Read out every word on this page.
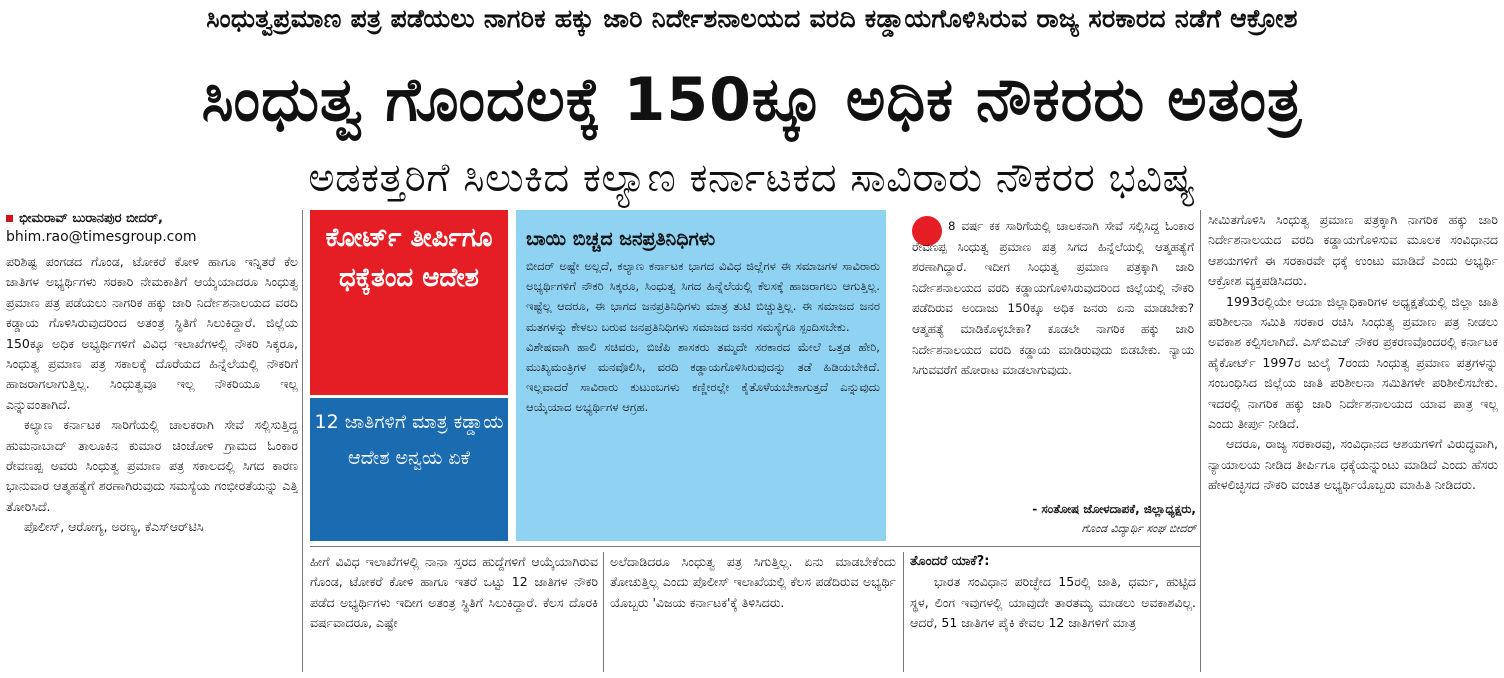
ಸಿಂಧುತ್ವಪ್ರಮಾಣ ಪತ್ರ ಪಡೆಯಲು ನಾಗರಿಕ ಹಕ್ಕು ಜಾರಿ ನಿರ್ದೇಶನಾಲಯದ ವರದಿ ಕಡ್ಡಾಯಗೊಳಿಸಿರುವ ರಾಜ್ಯ ಸರಕಾರದ ನಡೆಗೆ ಆಕ್ರೋಶ
ಸಿಂಧುತ್ವ ಗೊಂದಲಕ್ಕೆ 150ಕ್ಕೂ ಅಧಿಕ ನೌಕರರು ಅತಂತ್ರ
ಅಡಕತ್ತರಿಗೆ ಸಿಲುಕಿದ ಕಲ್ಯಾಣ ಕರ್ನಾಟಕದ ಸಾವಿರಾರು ನೌಕರರ ಭವಿಷ್ಯ
ಭೀಮರಾವ್ ಬುರಾನಪುರ ಬೀದರ್,
bhim.rao@timesgroup.com

ಪರಿಶಿಷ್ಟ ಪಂಗಡದ ಗೊಂಡ, ಟೋಕರೆ ಕೋಳಿ ಹಾಗೂ ಇನ್ನಿತರೆ ಕೆಲ ಜಾತಿಗಳ ಅಭ್ಯರ್ಥಿಗಳು ಸರಕಾರಿ ನೇಮಕಾತಿಗೆ ಆಯ್ಕೆಯಾದರೂ ಸಿಂಧುತ್ವ ಪ್ರಮಾಣ ಪತ್ರ ಪಡೆಯಲು ನಾಗರಿಕ ಹಕ್ಕು ಜಾರಿ ನಿರ್ದೇಶನಾಲಯದ ವರದಿ ಕಡ್ಡಾಯ ಗೊಳಿಸಿರುವುದರಿಂದ ಅತಂತ್ರ ಸ್ಥಿತಿಗೆ ಸಿಲುಕಿದ್ದಾರೆ. ಜಿಲ್ಲೆಯ 150ಕ್ಕೂ ಅಧಿಕ ಅಭ್ಯರ್ಥಿಗಳಿಗೆ ವಿವಿಧ ಇಲಾಖೆಗಳಲ್ಲಿ ನೌಕರಿ ಸಿಕ್ಕರೂ, ಸಿಂಧುತ್ವ ಪ್ರಮಾಣ ಪತ್ರ ಸಕಾಲಕ್ಕೆ ದೊರೆಯದ ಹಿನ್ನೆಲೆಯಲ್ಲಿ ನೌಕರಿಗೆ ಹಾಜರಾಗಲಾಗುತ್ತಿಲ್ಲ. ಸಿಂಧುತ್ವವೂ ಇಲ್ಲ ನೌಕರಿಯೂ ಇಲ್ಲ ಎನ್ನುವಂತಾಗಿದೆ.

ಕಲ್ಯಾಣ ಕರ್ನಾಟಕ ಸಾರಿಗೆಯಲ್ಲಿ ಚಾಲಕರಾಗಿ ಸೇವೆ ಸಲ್ಲಿಸುತ್ತಿದ್ದ ಹುಮನಾಬಾದ್ ತಾಲೂಕಿನ ಕುಮಾರ ಚಿಂಚೋಳಿ ಗ್ರಾಮದ ಓಂಕಾರ ರೇವಣಪ್ಪ ಅವರು ಸಿಂಧುತ್ವ ಪ್ರಮಾಣ ಪತ್ರ ಸಕಾಲದಲ್ಲಿ ಸಿಗದ ಕಾರಣ ಭಾನುವಾರ ಆತ್ಮಹತ್ಯೆಗೆ ಶರಣಾಗಿರುವುದು ಸಮಸ್ಯೆಯ ಗಂಭೀರತೆಯನ್ನು ಎತ್ತಿ ತೋರಿಸಿದೆ.

ಪೊಲೀಸ್, ಆರೋಗ್ಯ, ಅರಣ್ಯ, ಕೆಎಸ್‌ಆರ್‌ಟಿಸಿ

ಕೋರ್ಟ್ ತೀರ್ಪಿಗೂ ಧಕ್ಕೆತಂದ ಆದೇಶ
12 ಜಾತಿಗಳಿಗೆ ಮಾತ್ರ ಕಡ್ಡಾಯ ಆದೇಶ ಅನ್ವಯ ಏಕೆ
ಬಾಯಿ ಬಿಚ್ಚದ ಜನಪ್ರತಿನಿಧಿಗಳು
ಬೀದರ್ ಅಷ್ಟೇ ಅಲ್ಲದೆ, ಕಲ್ಯಾಣ ಕರ್ನಾಟಕ ಭಾಗದ ವಿವಿಧ ಜಿಲ್ಲೆಗಳ ಈ ಸಮಾಜಗಳ ಸಾವಿರಾರು ಅಭ್ಯರ್ಥಿಗಳಿಗೆ ನೌಕರಿ ಸಿಕ್ಕರೂ, ಸಿಂಧುತ್ವ ಸಿಗದ ಹಿನ್ನೆಲೆಯಲ್ಲಿ ಕೆಲಸಕ್ಕೆ ಹಾಜರಾಗಲು ಆಗುತ್ತಿಲ್ಲ. ಇಷ್ಟೆಲ್ಲ ಆದರೂ, ಈ ಭಾಗದ ಜನಪ್ರತಿನಿಧಿಗಳು ಮಾತ್ರ ತುಟಿ ಬಿಚ್ಚುತ್ತಿಲ್ಲ. ಈ ಸಮಾಜದ ಜನರ ಮತಗಳನ್ನು ಕೇಳಲು ಬರುವ ಜನಪ್ರತಿನಿಧಿಗಳು ಸಮಾಜದ ಜನರ ಸಮಸ್ಯೆಗೂ ಸ್ಪಂದಿಸಬೇಕು.
ವಿಶೇಷವಾಗಿ ಹಾಲಿ ಸಚಿವರು, ಬಿಜೆಪಿ ಶಾಸಕರು ತಮ್ಮದೇ ಸರಕಾರದ ಮೇಲೆ ಒತ್ತಡ ಹೇರಿ, ಮುಖ್ಯಮಂತ್ರಿಗಳ ಮನವೊಲಿಸಿ, ವರದಿ ಕಡ್ಡಾಯಗೊಳಿಸಿರುವುದನ್ನು ತಡೆ ಹಿಡಿಯಬೇಕಿದೆ. ಇಲ್ಲವಾದರೆ ಸಾವಿರಾರು ಕುಟುಂಬಗಳು ಕಣ್ಣೀರಲ್ಲೇ ಕೈತೊಳೆಯಬೇಕಾಗುತ್ತದೆ ಎನ್ನುವುದು ಆಯ್ಕೆಯಾದ ಅಭ್ಯರ್ಥಿಗಳ ಆಗ್ರಹ.
8 ವರ್ಷ ಕಕ ಸಾರಿಗೆಯಲ್ಲಿ ಚಾಲಕನಾಗಿ ಸೇವೆ ಸಲ್ಲಿಸಿದ್ದ ಓಂಕಾರ ರೇವಣಪ್ಪ ಸಿಂಧುತ್ವ ಪ್ರಮಾಣ ಪತ್ರ ಸಿಗದ ಹಿನ್ನೆಲೆಯಲ್ಲಿ ಆತ್ಮಹತ್ಯೆಗೆ ಶರಣಾಗಿದ್ದಾರೆ. ಇದೀಗ ಸಿಂಧುತ್ವ ಪ್ರಮಾಣ ಪತ್ರಕ್ಕಾಗಿ ಜಾರಿ ನಿರ್ದೇಶನಾಲಯದ ವರದಿ ಕಡ್ಡಾಯಗೊಳಿಸಿರುವುದರಿಂದ ಜಿಲ್ಲೆಯಲ್ಲಿ ನೌಕರಿ ಪಡೆದಿರುವ ಅಂದಾಜು 150ಕ್ಕೂ ಅಧಿಕ ಜನರು ಏನು ಮಾಡಬೇಕು? ಆತ್ಮಹತ್ಯೆ ಮಾಡಿಕೊಳ್ಳಬೇಕಾ? ಕೂಡಲೇ ನಾಗರಿಕ ಹಕ್ಕು ಜಾರಿ ನಿರ್ದೇಶನಾಲಯದ ವರದಿ ಕಡ್ಡಾಯ ಮಾಡಿರುವುದು ಬಿಡಬೇಕು. ನ್ಯಾಯ ಸಿಗುವವರೆಗೆ ಹೋರಾಟ ಮಾಡಲಾಗುವುದು.
- ಸಂತೋಷ ಜೋಳದಾಪಕೆ, ಜಿಲ್ಲಾಧ್ಯಕ್ಷರು,
ಗೊಂಡ ವಿದ್ಯಾರ್ಥಿ ಸಂಘ ಬೀದರ್
ಹೀಗೆ ವಿವಿಧ ಇಲಾಖೆಗಳಲ್ಲಿ ನಾನಾ ಸ್ತರದ ಹುದ್ದೆಗಳಿಗೆ ಆಯ್ಕೆಯಾಗಿರುವ ಗೊಂಡ, ಟೋಕರೆ ಕೋಳಿ ಹಾಗೂ ಇತರೆ ಒಟ್ಟು 12 ಜಾತಿಗಳ ನೌಕರಿ ಪಡೆದ ಅಭ್ಯರ್ಥಿಗಳು ಇದೀಗ ಅತಂತ್ರ ಸ್ಥಿತಿಗೆ ಸಿಲುಕಿದ್ದಾರೆ. ಕೆಲಸ ದೊರಕಿ ವರ್ಷವಾದರೂ, ಎಷ್ಟೇ
ಅಲೆದಾಡಿದರೂ ಸಿಂಧುತ್ವ ಪತ್ರ ಸಿಗುತ್ತಿಲ್ಲ. ಏನು ಮಾಡಬೇಕೆಂದು ತೋಚುತ್ತಿಲ್ಲ ಎಂದು ಪೊಲೀಸ್ ಇಲಾಖೆಯಲ್ಲಿ ಕೆಲಸ ಪಡೆದಿರುವ ಅಭ್ಯರ್ಥಿ ಯೊಬ್ಬರು 'ವಿಜಯ ಕರ್ನಾಟಕ'ಕ್ಕೆ ತಿಳಿಸಿದರು.

ತೊಂದರೆ ಯಾಕೆ?:

ಭಾರತ ಸಂವಿಧಾನ ಪರಿಚ್ಛೇದ 15ರಲ್ಲಿ ಜಾತಿ, ಧರ್ಮ, ಹುಟ್ಟಿದ ಸ್ಥಳ, ಲಿಂಗ ಇವುಗಳಲ್ಲಿ ಯಾವುದೇ ತಾರತಮ್ಯ ಮಾಡಲು ಅವಕಾಶವಿಲ್ಲ. ಆದರೆ, 51 ಜಾತಿಗಳ ಪೈಕಿ ಕೇವಲ 12 ಜಾತಿಗಳಿಗೆ ಮಾತ್ರ

ಸೀಮಿತಗೊಳಿಸಿ ಸಿಂಧುತ್ವ ಪ್ರಮಾಣ ಪತ್ರಕ್ಕಾಗಿ ನಾಗರಿಕ ಹಕ್ಕು ಜಾರಿ ನಿರ್ದೇಶನಾಲಯದ ವರದಿ ಕಡ್ಡಾಯಗೊಳಿಸುವ ಮೂಲಕ ಸಂವಿಧಾನದ ಆಶಯಗಳಿಗೆ ಈ ಸರಕಾರವೇ ಧಕ್ಕೆ ಉಂಟು ಮಾಡಿದೆ ಎಂದು ಅಭ್ಯರ್ಥಿ ಆಕ್ರೋಶ ವ್ಯಕ್ತಪಡಿಸಿದರು.

1993ರಲ್ಲಿಯೇ ಆಯಾ ಜಿಲ್ಲಾಧಿಕಾರಿಗಳ ಅಧ್ಯಕ್ಷತೆಯಲ್ಲಿ ಜಿಲ್ಲಾ ಜಾತಿ ಪರಿಶೀಲನಾ ಸಮಿತಿ ಸರಕಾರ ರಚಿಸಿ ಸಿಂಧುತ್ವ ಪ್ರಮಾಣ ಪತ್ರ ನೀಡಲು ಅವಕಾಶ ಕಲ್ಪಿಸಲಾಗಿದೆ. ಎಸ್‌ಬಿಎಚ್ ನೌಕರ ಪ್ರಕರಣವೊಂದರಲ್ಲಿ ಕರ್ನಾಟಕ ಹೈಕೋರ್ಟ್ 1997ರ ಜುಲೈ 7ರಂದು ಸಿಂಧುತ್ವ ಪ್ರಮಾಣ ಪತ್ರಗಳನ್ನು ಸಂಬಂಧಿಸಿದ ಜಿಲ್ಲೆಯ ಜಾತಿ ಪರಿಶೀಲನಾ ಸಮಿತಿಗಳೇ ಪರಿಶೀಲಿಸಬೇಕು. ಇದರಲ್ಲಿ ನಾಗರಿಕ ಹಕ್ಕು ಜಾರಿ ನಿರ್ದೇಶನಾಲಯದ ಯಾವ ಪಾತ್ರ ಇಲ್ಲ ಎಂದು ತೀರ್ಪು ನೀಡಿದೆ.

ಆದರೂ, ರಾಜ್ಯ ಸರಕಾರವು, ಸಂವಿಧಾನದ ಆಶಯಗಳಿಗೆ ವಿರುದ್ಧವಾಗಿ, ನ್ಯಾಯಾಲಯ ನೀಡಿದ ತೀರ್ಪಿಗೂ ಧಕ್ಕೆಯನ್ನುಂಟು ಮಾಡಿದೆ ಎಂದು ಹೆಸರು ಹೇಳಲಿಚ್ಛಿಸದ ನೌಕರಿ ವಂಚಿತ ಅಭ್ಯರ್ಥಿಯೊಬ್ಬರು ಮಾಹಿತಿ ನೀಡಿದರು.
